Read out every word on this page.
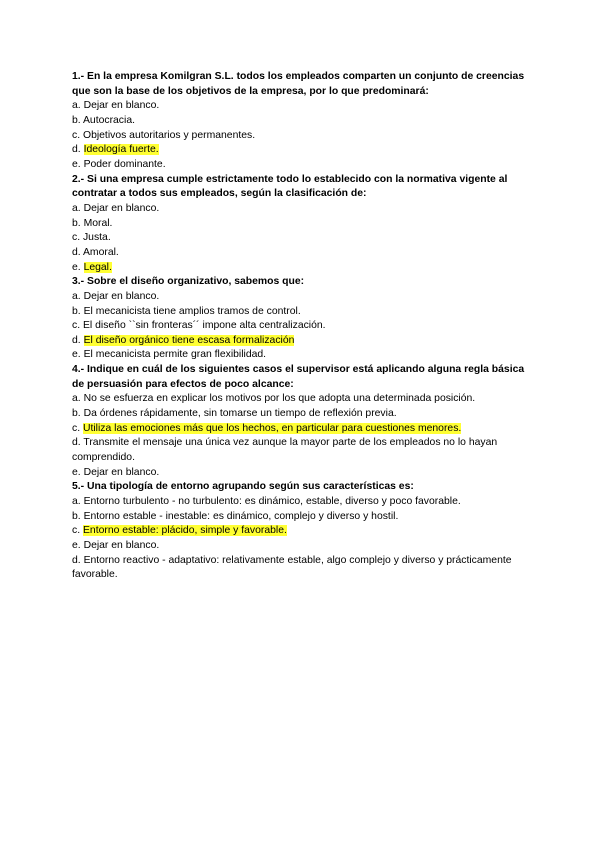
1.- En la empresa Komilgran S.L. todos los empleados comparten un conjunto de creencias que son la base de los objetivos de la empresa, por lo que predominará:

a. Dejar en blanco.

b. Autocracia.

c. Objetivos autoritarios y permanentes.

d. Ideología fuerte.

e. Poder dominante.

2.- Si una empresa cumple estrictamente todo lo establecido con la normativa vigente al contratar a todos sus empleados, según la clasificación de:

a. Dejar en blanco.

b. Moral.

c. Justa.

d. Amoral.

e. Legal.

3.- Sobre el diseño organizativo, sabemos que:

a. Dejar en blanco.

b. El mecanicista tiene amplios tramos de control.

c. El diseño ``sin fronteras´´ impone alta centralización.

d. El diseño orgánico tiene escasa formalización

e. El mecanicista permite gran flexibilidad.

4.- Indique en cuál de los siguientes casos el supervisor está aplicando alguna regla básica de persuasión para efectos de poco alcance:

a. No se esfuerza en explicar los motivos por los que adopta una determinada posición.

b. Da órdenes rápidamente, sin tomarse un tiempo de reflexión previa.

c. Utiliza las emociones más que los hechos, en particular para cuestiones menores.

d. Transmite el mensaje una única vez aunque la mayor parte de los empleados no lo hayan comprendido.

e. Dejar en blanco.

5.- Una tipología de entorno agrupando según sus características es:

a. Entorno turbulento - no turbulento: es dinámico, estable, diverso y poco favorable.

b. Entorno estable - inestable: es dinámico, complejo y diverso y hostil.

c. Entorno estable: plácido, simple y favorable.

e. Dejar en blanco.

d. Entorno reactivo - adaptativo: relativamente estable, algo complejo y diverso y prácticamente favorable.
